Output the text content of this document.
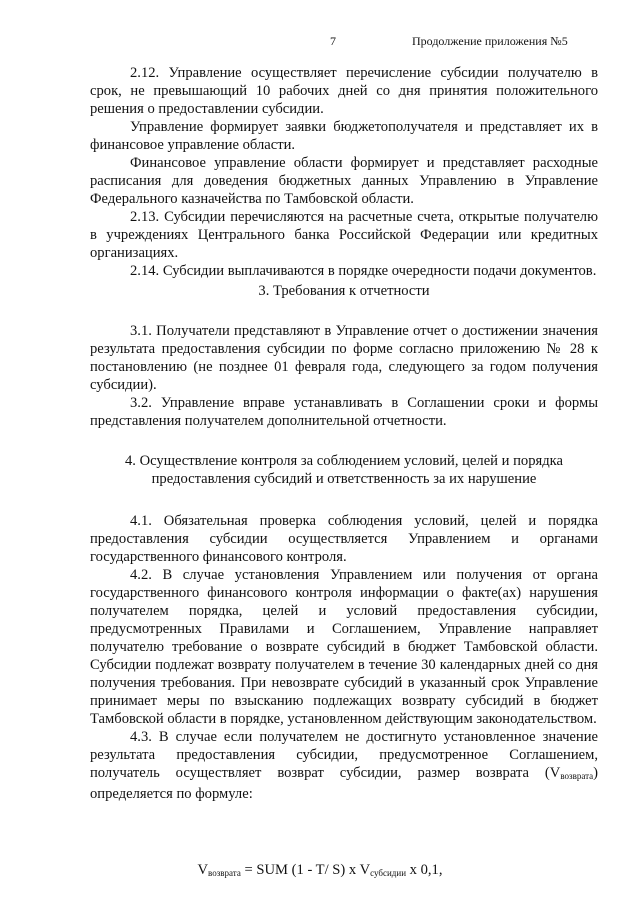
7	Продолжение приложения №5

2.12. Управление осуществляет перечисление субсидии получателю в срок, не превышающий 10 рабочих дней со дня принятия положительного решения о предоставлении субсидии.

Управление формирует заявки бюджетополучателя и представляет их в финансовое управление области.

Финансовое управление области формирует и представляет расходные расписания для доведения бюджетных данных Управлению в Управление Федерального казначейства по Тамбовской области.

2.13. Субсидии перечисляются на расчетные счета, открытые получателю в учреждениях Центрального банка Российской Федерации или кредитных организациях.

2.14. Субсидии выплачиваются в порядке очередности подачи документов.

3. Требования к отчетности

3.1. Получатели представляют в Управление отчет о достижении значения результата предоставления субсидии по форме согласно приложению № 28 к постановлению (не позднее 01 февраля года, следующего за годом получения субсидии).

3.2. Управление вправе устанавливать в Соглашении сроки и формы представления получателем дополнительной отчетности.

4. Осуществление контроля за соблюдением условий, целей и порядка

предоставления субсидий и ответственность за их нарушение

4.1. Обязательная проверка соблюдения условий, целей и порядка предоставления субсидии осуществляется Управлением и органами государственного финансового контроля.

4.2. В случае установления Управлением или получения от органа государственного финансового контроля информации о факте(ах) нарушения получателем порядка, целей и условий предоставления субсидии, предусмотренных Правилами и Соглашением, Управление направляет получателю требование о возврате субсидий в бюджет Тамбовской области. Субсидии подлежат возврату получателем в течение 30 календарных дней со дня получения требования. При невозврате субсидий в указанный срок Управление принимает меры по взысканию подлежащих возврату субсидий в бюджет Тамбовской области в порядке, установленном действующим законодательством.

4.3. В случае если получателем не достигнуто установленное значение результата предоставления субсидии, предусмотренное Соглашением, получатель осуществляет возврат субсидии, размер возврата $(V_{возврата})$ определяется по формуле:

$V_{возврата}$ = SUM (1 - T/ S) x $V_{субсидии}$ x 0,1,
